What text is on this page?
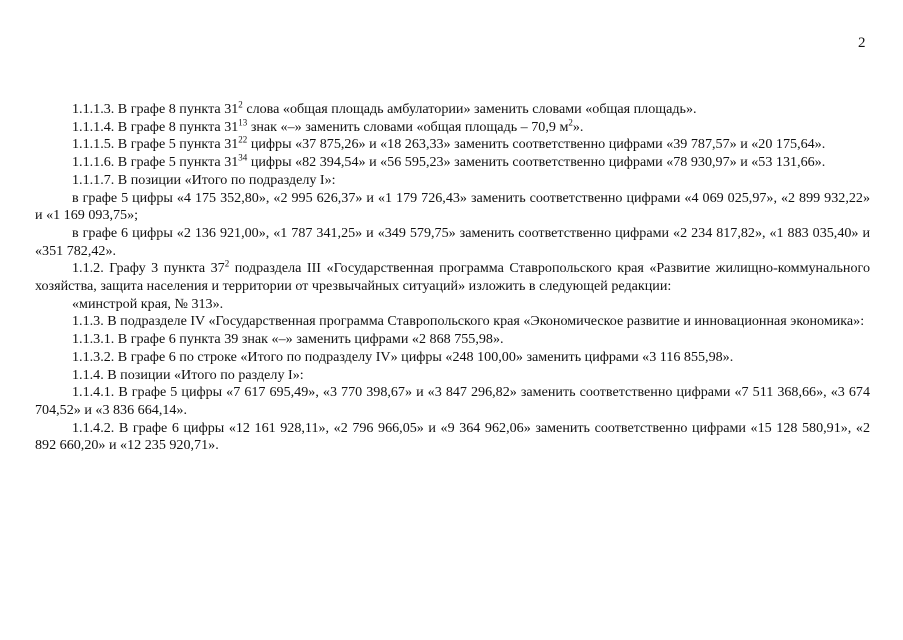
2

1.1.1.3. В графе 8 пункта $31^2$ слова «общая площадь амбулатории» заменить словами «общая площадь».

1.1.1.4. В графе 8 пункта $31^{13}$ знак «–» заменить словами «общая площадь – 70,9 $м^2$».

1.1.1.5. В графе 5 пункта $31^{22}$ цифры «37 875,26» и «18 263,33» заменить соответственно цифрами «39 787,57» и «20 175,64».

1.1.1.6. В графе 5 пункта $31^{34}$ цифры «82 394,54» и «56 595,23» заменить соответственно цифрами «78 930,97» и «53 131,66».

1.1.1.7. В позиции «Итого по подразделу I»:

в графе 5 цифры «4 175 352,80», «2 995 626,37» и «1 179 726,43» заменить соответственно цифрами «4 069 025,97», «2 899 932,22» и «1 169 093,75»;

в графе 6 цифры «2 136 921,00», «1 787 341,25» и «349 579,75» заменить соответственно цифрами «2 234 817,82», «1 883 035,40» и «351 782,42».

1.1.2. Графу 3 пункта $37^2$ подраздела III «Государственная программа Ставропольского края «Развитие жилищно-коммунального хозяйства, защита населения и территории от чрезвычайных ситуаций» изложить в следующей редакции:

«минстрой края, № 313».

1.1.3. В подразделе IV «Государственная программа Ставропольского края «Экономическое развитие и инновационная экономика»:

1.1.3.1. В графе 6 пункта 39 знак «–» заменить цифрами «2 868 755,98».

1.1.3.2. В графе 6 по строке «Итого по подразделу IV» цифры «248 100,00» заменить цифрами «3 116 855,98».

1.1.4. В позиции «Итого по разделу I»:

1.1.4.1. В графе 5 цифры «7 617 695,49», «3 770 398,67» и «3 847 296,82» заменить соответственно цифрами «7 511 368,66», «3 674 704,52» и «3 836 664,14».

1.1.4.2. В графе 6 цифры «12 161 928,11», «2 796 966,05» и «9 364 962,06» заменить соответственно цифрами «15 128 580,91», «2 892 660,20» и «12 235 920,71».
